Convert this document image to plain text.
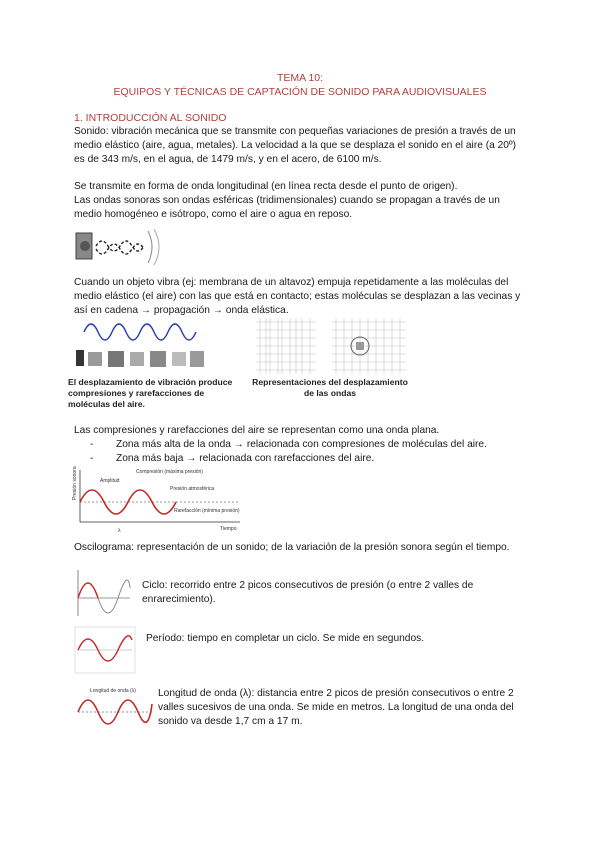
TEMA 10:
EQUIPOS Y TÉCNICAS DE CAPTACIÓN DE SONIDO PARA AUDIOVISUALES
1. INTRODUCCIÓN AL SONIDO
Sonido: vibración mecánica que se transmite con pequeñas variaciones de presión a través de un medio elástico (aire, agua, metales). La velocidad a la que se desplaza el sonido en el aire (a 20º) es de 343 m/s, en el agua, de 1479 m/s, y en el acero, de 6100 m/s.
Se transmite en forma de onda longitudinal (en línea recta desde el punto de origen).
Las ondas sonoras son ondas esféricas (tridimensionales) cuando se propagan a través de un medio homogéneo e isótropo, como el aire o agua en reposo.
Cuando un objeto vibra (ej: membrana de un altavoz) empuja repetidamente a las moléculas del medio elástico (el aire) con las que está en contacto; estas moléculas se desplazan a las vecinas y así en cadena → propagación → onda elástica.
El desplazamiento de vibración produce compresiones y rarefacciones de moléculas del aire.
Representaciones del desplazamiento de las ondas
Las compresiones y rarefacciones del aire se representan como una onda plana.
- Zona más alta de la onda → relacionada con compresiones de moléculas del aire.
- Zona más baja → relacionada con rarefacciones del aire.
Presión sonora
Tiempo
Amplitud
Compresión (máxima presión)
Presión atmosférica
Rarefacción (mínima presión)
λ
Oscilograma: representación de un sonido; de la variación de la presión sonora según el tiempo.
Ciclo: recorrido entre 2 picos consecutivos de presión (o entre 2 valles de enrarecimiento).
Período: tiempo en completar un ciclo. Se mide en segundos.
Longitud de onda (λ) Longitud de onda (λ): distancia entre 2 picos de presión consecutivos o entre 2 valles sucesivos de una onda. Se mide en metros. La longitud de una onda del sonido va desde 1,7 cm a 17 m.
